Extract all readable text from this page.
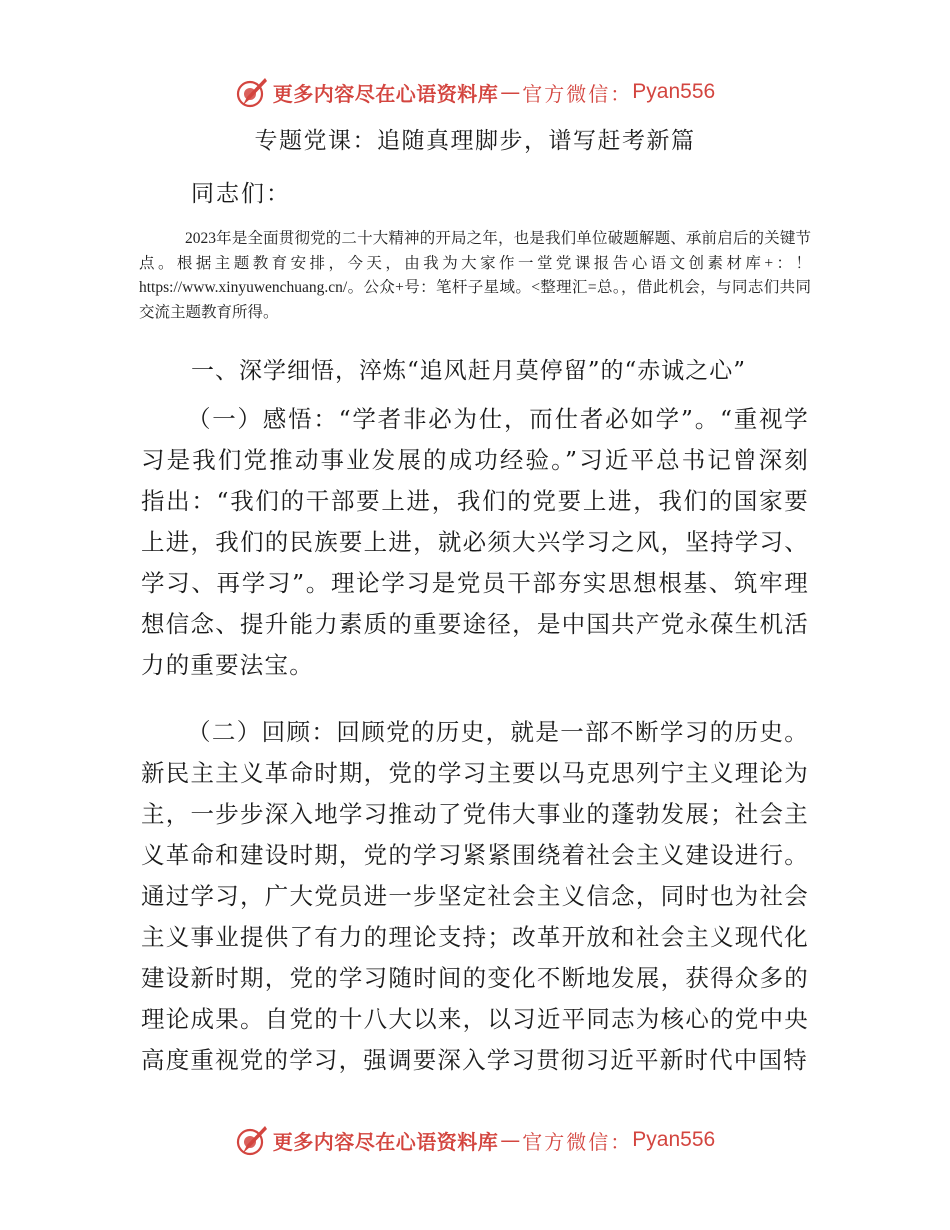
更多内容尽在心语资料库 — 官方微信： Pyan556
专题党课：追随真理脚步，谱写赶考新篇
同志们：
2023年是全面贯彻党的二十大精神的开局之年，也是我们单位破题解题、承前启后的关键节点。根据主题教育安排，今天，由我为大家作一堂党课报告心语文创素材库+：！https://www.xinyuwenchuang.cn/。公众+号：笔杆子星域。<整理汇=总。，借此机会，与同志们共同交流主题教育所得。
一、深学细悟，淬炼“追风赶月莫停留”的“赤诚之心”
（一）感悟：“学者非必为仕，而仕者必如学”。“重视学习是我们党推动事业发展的成功经验。”习近平总书记曾深刻指出：“我们的干部要上进，我们的党要上进，我们的国家要上进，我们的民族要上进，就必须大兴学习之风，坚持学习、学习、再学习”。理论学习是党员干部夯实思想根基、筑牢理想信念、提升能力素质的重要途径，是中国共产党永葆生机活力的重要法宝。
（二）回顾：回顾党的历史，就是一部不断学习的历史。新民主主义革命时期，党的学习主要以马克思列宁主义理论为主，一步步深入地学习推动了党伟大事业的蓬勃发展；社会主义革命和建设时期，党的学习紧紧围绕着社会主义建设进行。通过学习，广大党员进一步坚定社会主义信念，同时也为社会主义事业提供了有力的理论支持；改革开放和社会主义现代化建设新时期，党的学习随时间的变化不断地发展，获得众多的理论成果。自党的十八大以来，以习近平同志为核心的党中央高度重视党的学习，强调要深入学习贯彻习近平新时代中国特
更多内容尽在心语资料库 — 官方微信： Pyan556
